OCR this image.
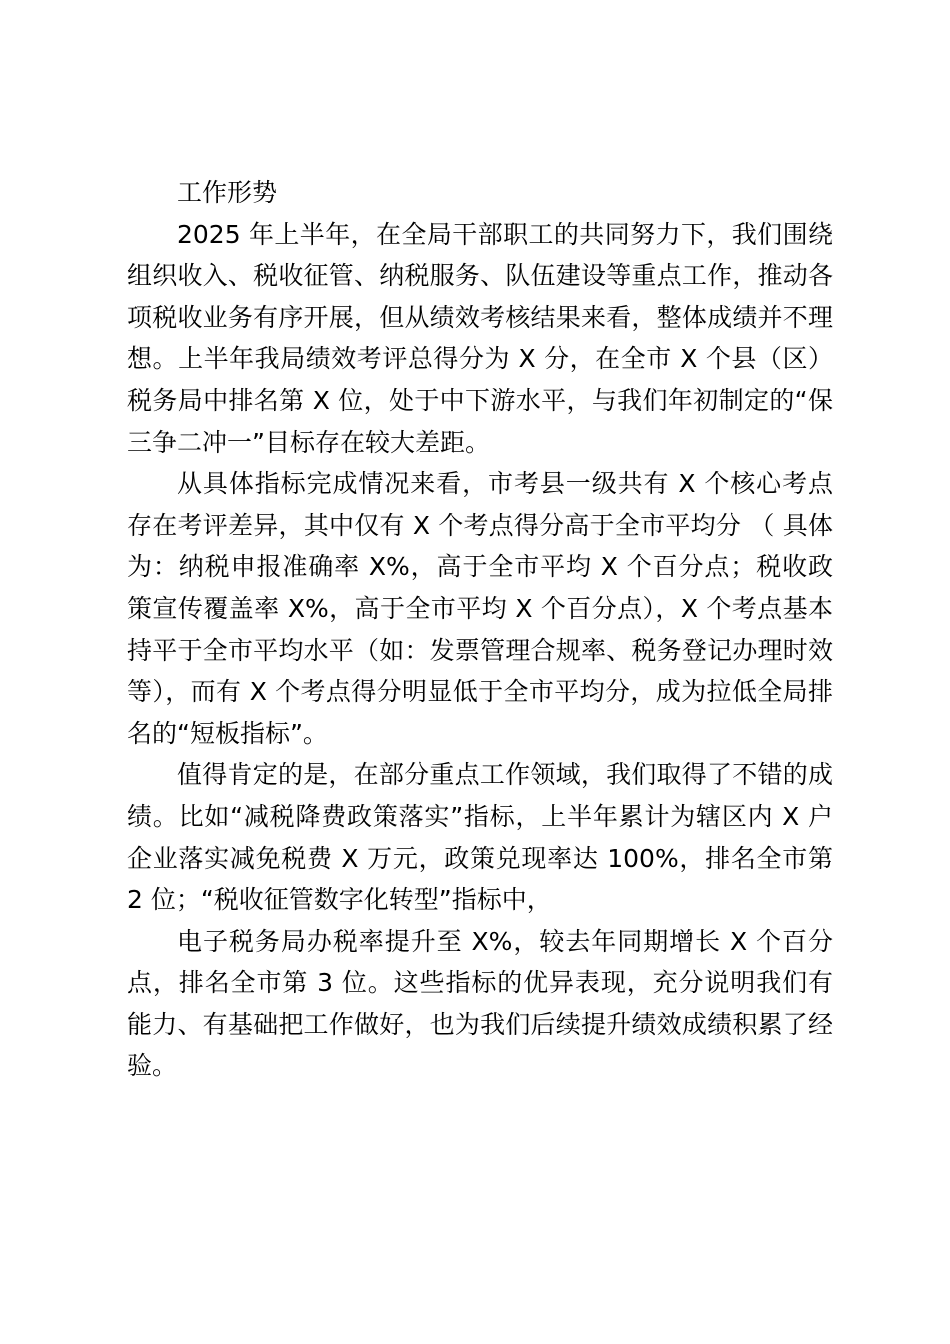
工作形势

2025 年上半年，在全局干部职工的共同努力下，我们围绕组织收入、税收征管、纳税服务、队伍建设等重点工作，推动各项税收业务有序开展，但从绩效考核结果来看，整体成绩并不理想。上半年我局绩效考评总得分为 X 分，在全市 X 个县（区）税务局中排名第 X 位，处于中下游水平，与我们年初制定的“保三争二冲一”目标存在较大差距。

从具体指标完成情况来看，市考县一级共有 X 个核心考点存在考评差异，其中仅有 X 个考点得分高于全市平均分 （ 具体为：纳税申报准确率 X%，高于全市平均 X 个百分点；税收政策宣传覆盖率 X%，高于全市平均 X 个百分点），X 个考点基本持平于全市平均水平（如：发票管理合规率、税务登记办理时效等），而有 X 个考点得分明显低于全市平均分，成为拉低全局排名的“短板指标”。

值得肯定的是，在部分重点工作领域，我们取得了不错的成绩。比如“减税降费政策落实”指标，上半年累计为辖区内 X 户企业落实减免税费 X 万元，政策兑现率达 100%，排名全市第 2 位；“税收征管数字化转型”指标中，

电子税务局办税率提升至 X%，较去年同期增长 X 个百分点，排名全市第 3 位。这些指标的优异表现，充分说明我们有能力、有基础把工作做好，也为我们后续提升绩效成绩积累了经验。
